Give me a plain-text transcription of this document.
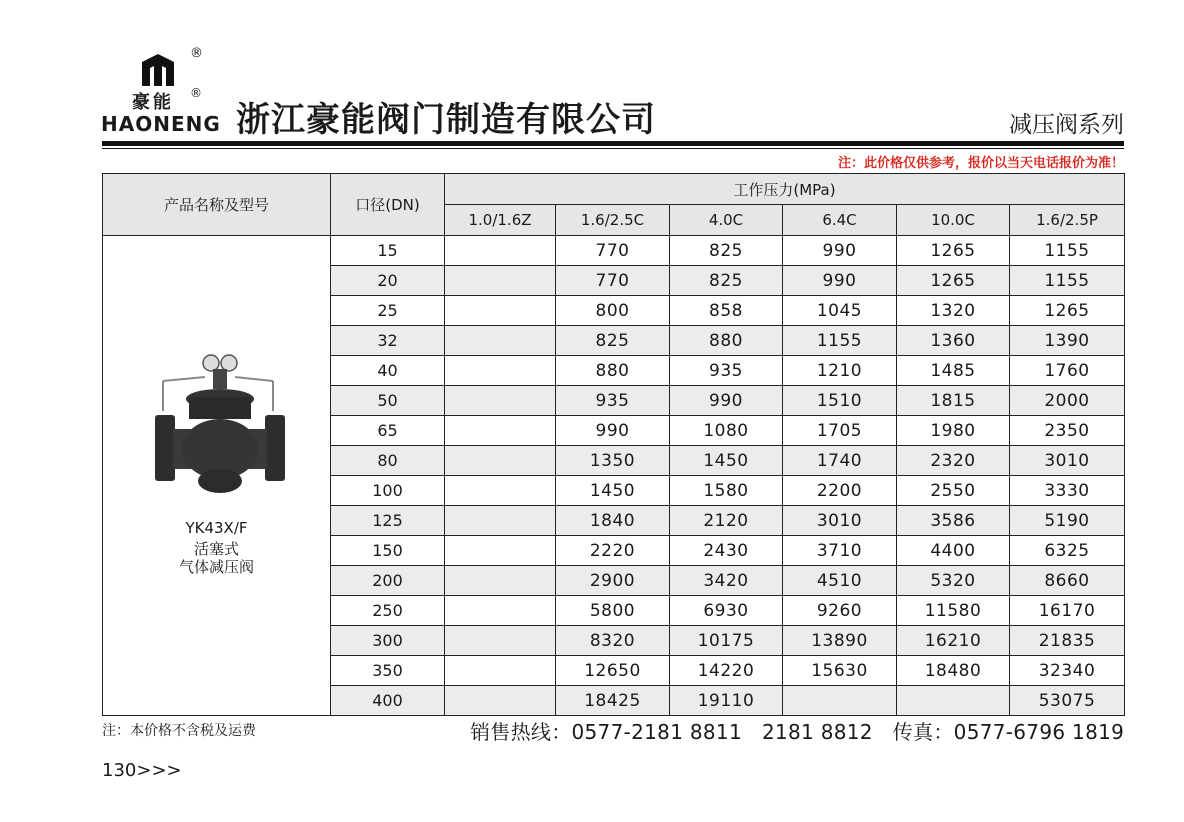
®
豪能 ®
HAONENG 浙江豪能阀门制造有限公司	减压阀系列
注：此价格仅供参考，报价以当天电话报价为准！
产品名称及型号	口径(DN)	工作压力(MPa)					
		1.0/1.6Z	1.6/2.5C	4.0C	6.4C	10.0C	1.6/2.5P

YK43X/F
活塞式
气体减压阀	15		770	825	990	1265	1155
	20		770	825	990	1265	1155
	25		800	858	1045	1320	1265
	32		825	880	1155	1360	1390
	40		880	935	1210	1485	1760
	50		935	990	1510	1815	2000
	65		990	1080	1705	1980	2350
	80		1350	1450	1740	2320	3010
	100		1450	1580	2200	2550	3330
	125		1840	2120	3010	3586	5190
	150		2220	2430	3710	4400	6325
	200		2900	3420	4510	5320	8660
	250		5800	6930	9260	11580	16170
	300		8320	10175	13890	16210	21835
	350		12650	14220	15630	18480	32340
	400		18425	19110			53075
注：本价格不含税及运费	销售热线：0577-2181 8811   2181 8812   传真：0577-6796 1819
130>>>
